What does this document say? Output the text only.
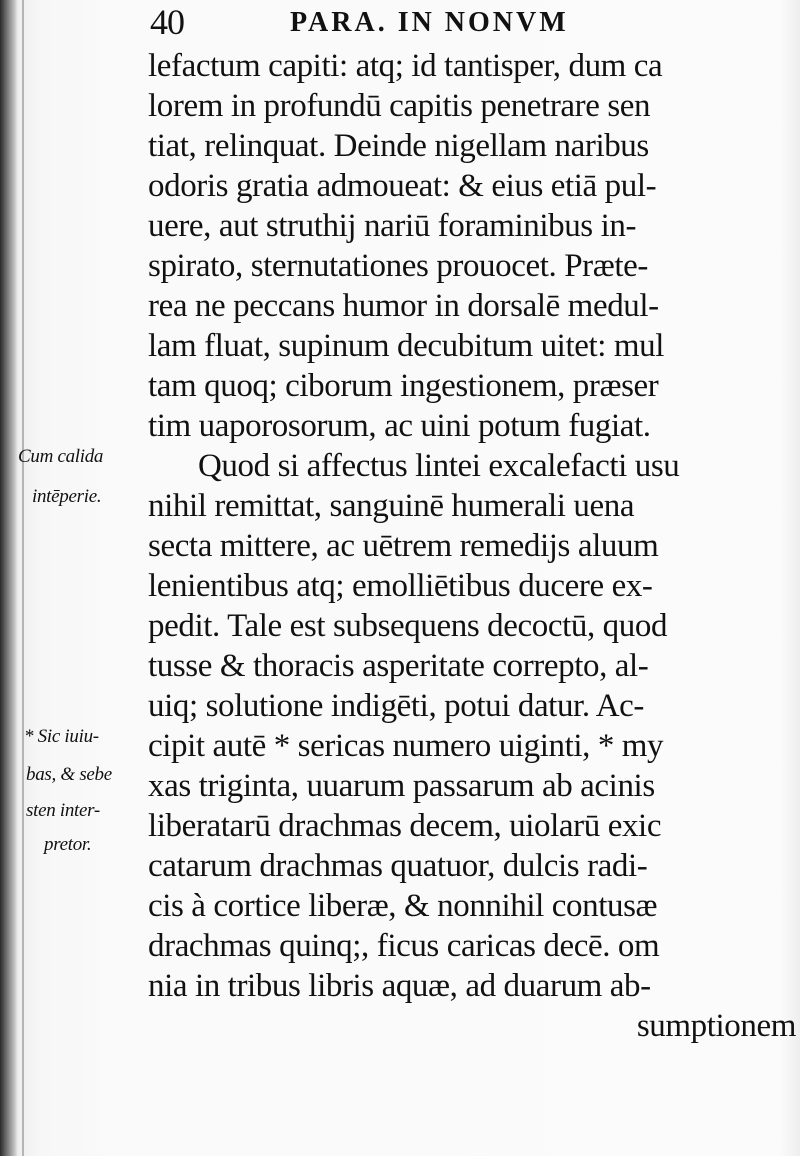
40	PARA. IN NONVM
Cum calida
intēperie.
* Sic iuiu-
bas, & sebe
sten inter-
pretor.
lefactum capiti: atq; id tantisper, dum ca
lorem in profundū capitis penetrare sen
tiat, relinquat. Deinde nigellam naribus
odoris gratia admoueat: & eius etiā pul-
uere, aut struthij nariū foraminibus in-
spirato, sternutationes prouocet. Præte-
rea ne peccans humor in dorsalē medul-
lam fluat, supinum decubitum uitet: mul
tam quoq; ciborum ingestionem, præser
tim uaporosorum, ac uini potum fugiat.
Quod si affectus lintei excalefacti usu
nihil remittat, sanguinē humerali uena
secta mittere, ac uētrem remedijs aluum
lenientibus atq; emolliētibus ducere ex-
pedit. Tale est subsequens decoctū, quod
tusse & thoracis asperitate correpto, al-
uiq; solutione indigēti, potui datur. Ac-
cipit autē * sericas numero uiginti, * my
xas triginta, uuarum passarum ab acinis
liberatarū drachmas decem, uiolarū exic
catarum drachmas quatuor, dulcis radi-
cis à cortice liberæ, & nonnihil contusæ
drachmas quinq;, ficus caricas decē. om
nia in tribus libris aquæ, ad duarum ab-
sumptionem
